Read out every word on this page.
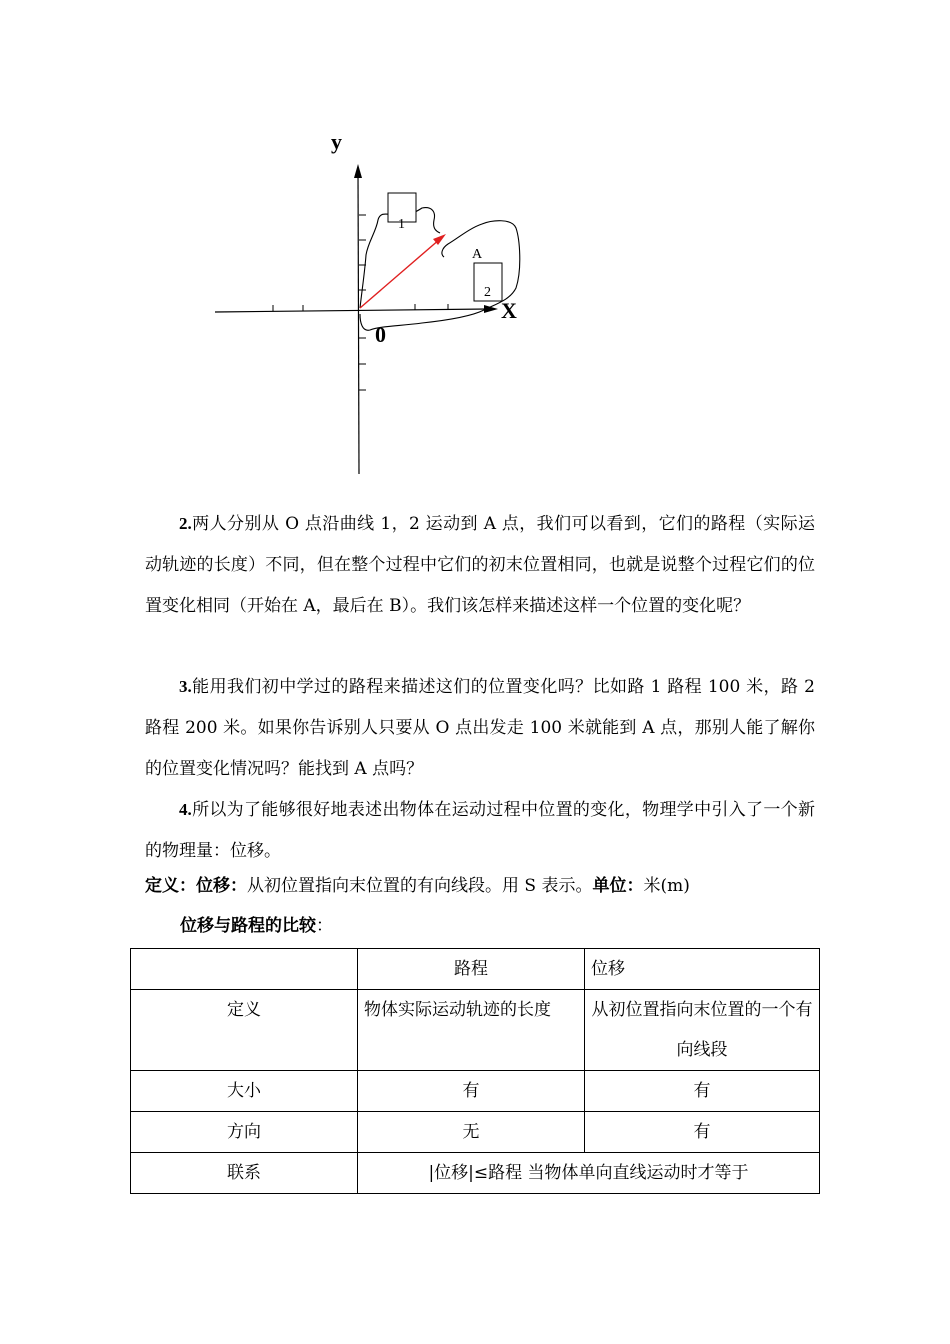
1
2
A
y
X
0

2.两人分别从 O 点沿曲线 1，2 运动到 A 点，我们可以看到，它们的路程（实际运动轨迹的长度）不同，但在整个过程中它们的初末位置相同，也就是说整个过程它们的位置变化相同（开始在 A，最后在 B）。我们该怎样来描述这样一个位置的变化呢？

3.能用我们初中学过的路程来描述这们的位置变化吗？比如路 1 路程 100 米，路 2 路程 200 米。如果你告诉别人只要从 O 点出发走 100 米就能到 A 点，那别人能了解你的位置变化情况吗？能找到 A 点吗？

4.所以为了能够很好地表述出物体在运动过程中位置的变化，物理学中引入了一个新的物理量：位移。

定义：位移：从初位置指向末位置的有向线段。用 S 表示。单位：米(m)
位移与路程的比较：
	路程	位移
定义	物体实际运动轨迹的长度	从初位置指向末位置的一个有向线段
大小	有	有
方向	无	有
联系	|位移|≤路程 当物体单向直线运动时才等于	
